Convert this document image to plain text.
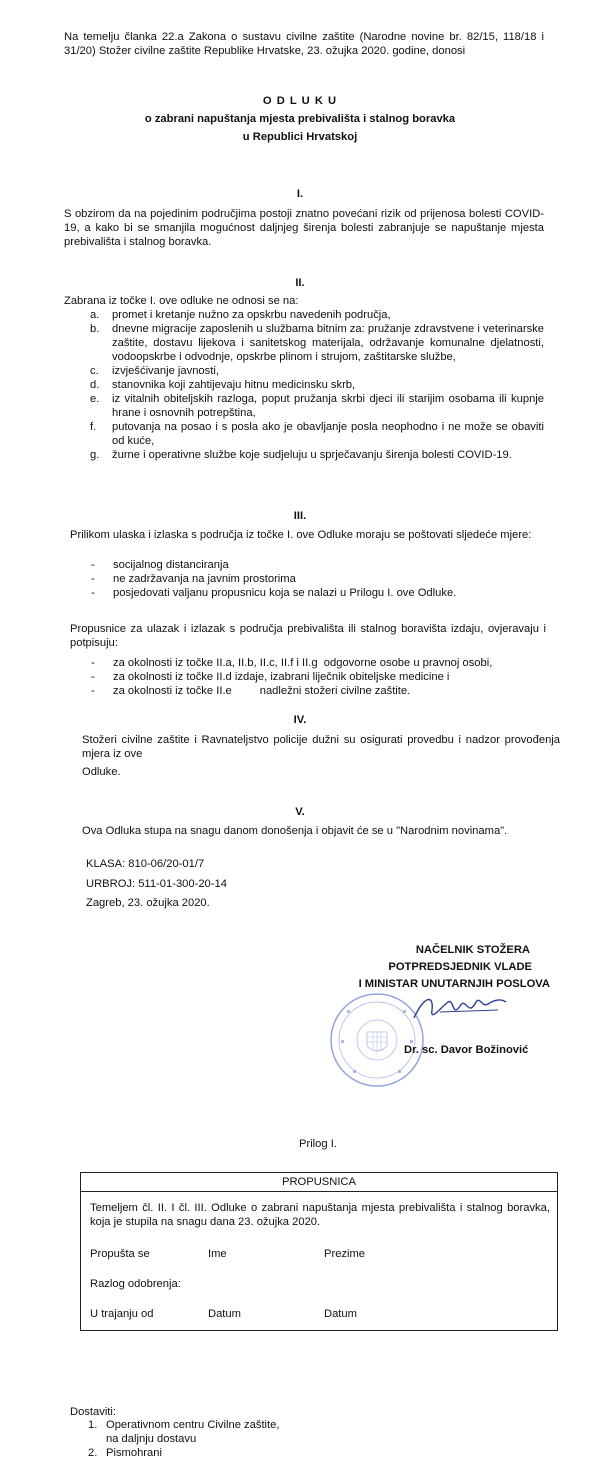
Na temelju članka 22.a Zakona o sustavu civilne zaštite (Narodne novine br. 82/15, 118/18 i 31/20) Stožer civilne zaštite Republike Hrvatske, 23. ožujka 2020. godine, donosi
O D L U K U
o zabrani napuštanja mjesta prebivališta i stalnog boravka
u Republici Hrvatskoj
I.
S obzirom da na pojedinim područjima postoji znatno povećani rizik od prijenosa bolesti COVID-19, a kako bi se smanjila mogućnost daljnjeg širenja bolesti zabranjuje se napuštanje mjesta prebivališta i stalnog boravka.
II.
Zabrana iz točke I. ove odluke ne odnosi se na:
a. promet i kretanje nužno za opskrbu navedenih područja,
b. dnevne migracije zaposlenih u službama bitnim za: pružanje zdravstvene i veterinarske zaštite, dostavu lijekova i sanitetskog materijala, održavanje komunalne djelatnosti, vodoopskrbe i odvodnje, opskrbe plinom i strujom, zaštitarske službe,
c. izvješćivanje javnosti,
d. stanovnika koji zahtijevaju hitnu medicinsku skrb,
e. iz vitalnih obiteljskih razloga, poput pružanja skrbi djeci ili starijim osobama ili kupnje hrane i osnovnih potrepština,
f. putovanja na posao i s posla ako je obavljanje posla neophodno i ne može se obaviti od kuće,
g. žurne i operativne službe koje sudjeluju u sprječavanju širenja bolesti COVID-19.
III.
Prilikom ulaska i izlaska s područja iz točke I. ove Odluke moraju se poštovati sljedeće mjere:
- socijalnog distanciranja
- ne zadržavanja na javnim prostorima
- posjedovati valjanu propusnicu koja se nalazi u Prilogu I. ove Odluke.
Propusnice za ulazak i izlazak s područja prebivališta ili stalnog boravišta izdaju, ovjeravaju i potpisuju:
- za okolnosti iz točke II.a, II.b, II.c, II.f i II.g  odgovorne osobe u pravnoj osobi,
- za okolnosti iz točke II.d izdaje, izabrani liječnik obiteljske medicine i
- za okolnosti iz točke II.e         nadležni stožeri civilne zaštite.
IV.
Stožeri civilne zaštite i Ravnateljstvo policije dužni su osigurati provedbu i nadzor provođenja mjera iz ove
Odluke.
V.
Ova Odluka stupa na snagu danom donošenja i objavit će se u "Narodnim novinama".
KLASA: 810-06/20-01/7
URBROJ: 511-01-300-20-14
Zagreb, 23. ožujka 2020.
NAČELNIK STOŽERA
POTPREDSJEDNIK VLADE
I MINISTAR UNUTARNJIH POSLOVA
Dr. sc. Davor Božinović
Prilog I.
PROPUSNICA
Temeljem čl. II. I čl. III. Odluke o zabrani napuštanja mjesta prebivališta i stalnog boravka, koja je stupila na snagu dana 23. ožujka 2020.
Propušta se	Ime	Prezime
Razlog odobrenja:
U trajanju od	Datum	Datum
Dostaviti:
1. Operativnom centru Civilne zaštite,
na daljnju dostavu
2. Pismohrani
